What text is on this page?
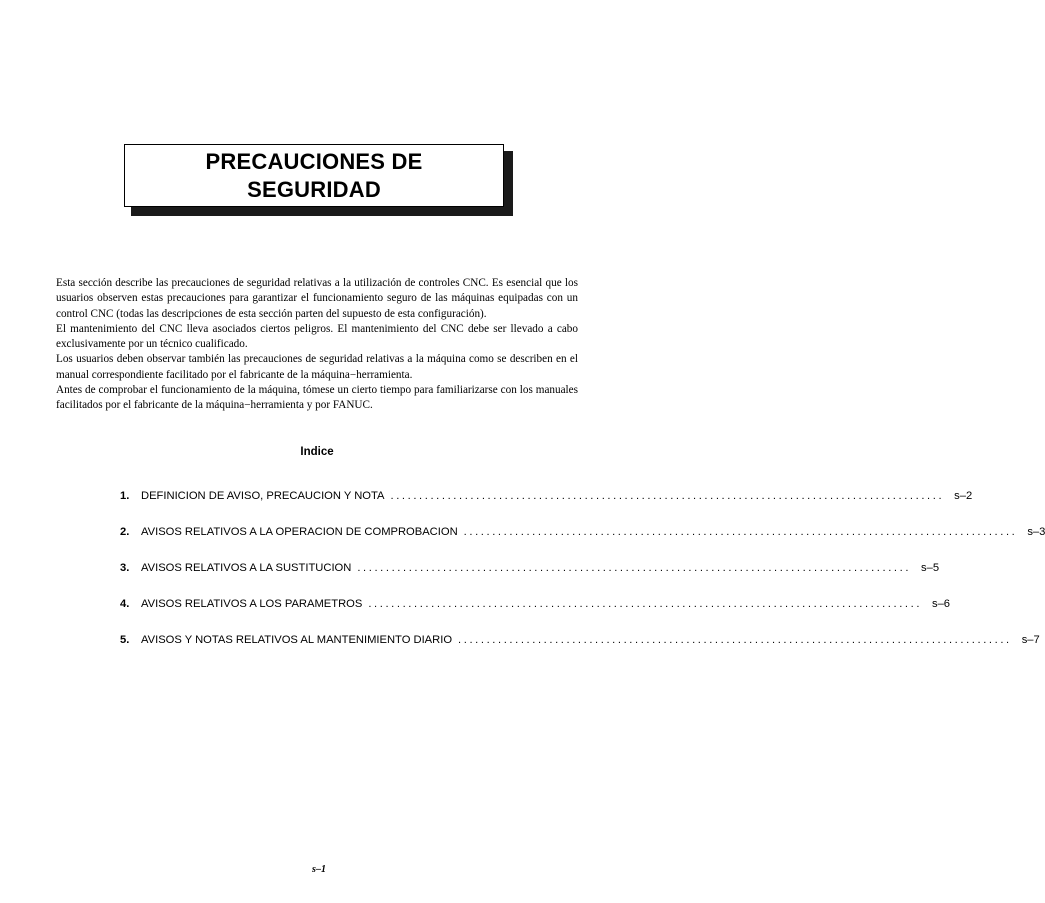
PRECAUCIONES DE
SEGURIDAD

Esta sección describe las precauciones de seguridad relativas a la utilización de controles CNC. Es esencial que los usuarios observen estas precauciones para garantizar el funcionamiento seguro de las máquinas equipadas con un control CNC (todas las descripciones de esta sección parten del supuesto de esta configuración).

El mantenimiento del CNC lleva asociados ciertos peligros. El mantenimiento del CNC debe ser llevado a cabo exclusivamente por un técnico cualificado.

Los usuarios deben observar también las precauciones de seguridad relativas a la máquina como se describen en el manual correspondiente facilitado por el fabricante de la máquina−herramienta.

Antes de comprobar el funcionamiento de la máquina, tómese un cierto tiempo para familiarizarse con los manuales facilitados por el fabricante de la máquina−herramienta y por FANUC.

Indice
1.	DEFINICION DE AVISO, PRECAUCION Y NOTA ................................................................................................. s–2
2.	AVISOS RELATIVOS A LA OPERACION DE COMPROBACION ................................................................................................. s–3
3.	AVISOS RELATIVOS A LA SUSTITUCION ................................................................................................. s–5
4.	AVISOS RELATIVOS A LOS PARAMETROS ................................................................................................. s–6
5.	AVISOS Y NOTAS RELATIVOS AL MANTENIMIENTO DIARIO ................................................................................................. s–7
s–1
